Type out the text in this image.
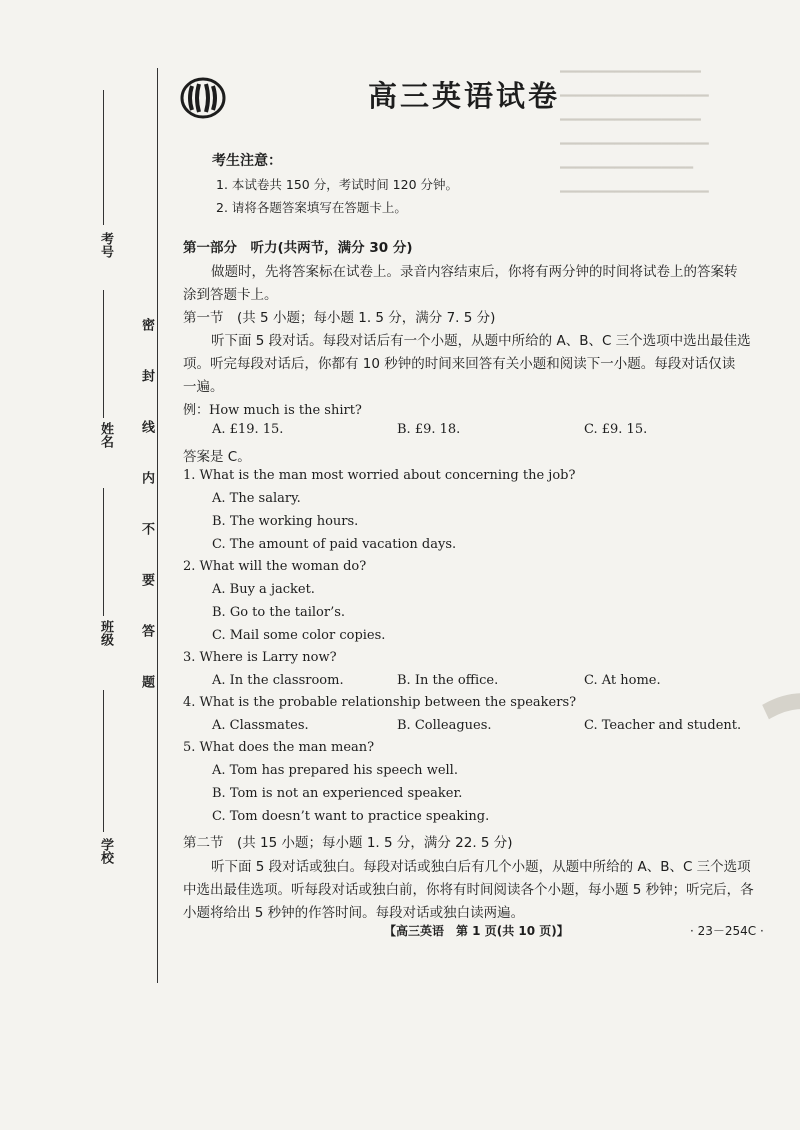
━━━━━━━━━━━━━━━━━━
━━━━━━━━━━━━━━━━━━━
━━━━━━━━━━━━━━━━━━
━━━━━━━━━━━━━━━━━━━
━━━━━━━━━━━━━━━━━
━━━━━━━━━━━━━━━━━━━
考号
姓名
班级
学校
密封线内不要答题
高三英语试卷
考生注意：
1. 本试卷共 150 分，考试时间 120 分钟。
2. 请将各题答案填写在答题卡上。
第一部分　听力(共两节，满分 30 分)
做题时，先将答案标在试卷上。录音内容结束后，你将有两分钟的时间将试卷上的答案转
涂到答题卡上。
第一节　(共 5 小题；每小题 1. 5 分，满分 7. 5 分)
听下面 5 段对话。每段对话后有一个小题，从题中所给的 A、B、C 三个选项中选出最佳选
项。听完每段对话后，你都有 10 秒钟的时间来回答有关小题和阅读下一小题。每段对话仅读
一遍。
例：How much is the shirt?
A. £19. 15.	B. £9. 18.	C. £9. 15.
答案是 C。
1. What is the man most worried about concerning the job?
A. The salary.
B. The working hours.
C. The amount of paid vacation days.
2. What will the woman do?
A. Buy a jacket.
B. Go to the tailor’s.
C. Mail some color copies.
3. Where is Larry now?
A. In the classroom.	B. In the office.	C. At home.
4. What is the probable relationship between the speakers?
A. Classmates.	B. Colleagues.	C. Teacher and student.
5. What does the man mean?
A. Tom has prepared his speech well.
B. Tom is not an experienced speaker.
C. Tom doesn’t want to practice speaking.
第二节　(共 15 小题；每小题 1. 5 分，满分 22. 5 分)
听下面 5 段对话或独白。每段对话或独白后有几个小题，从题中所给的 A、B、C 三个选项
中选出最佳选项。听每段对话或独白前，你将有时间阅读各个小题，每小题 5 秒钟；听完后，各
小题将给出 5 秒钟的作答时间。每段对话或独白读两遍。
【高三英语　第 1 页(共 10 页)】	· 23－254C ·
